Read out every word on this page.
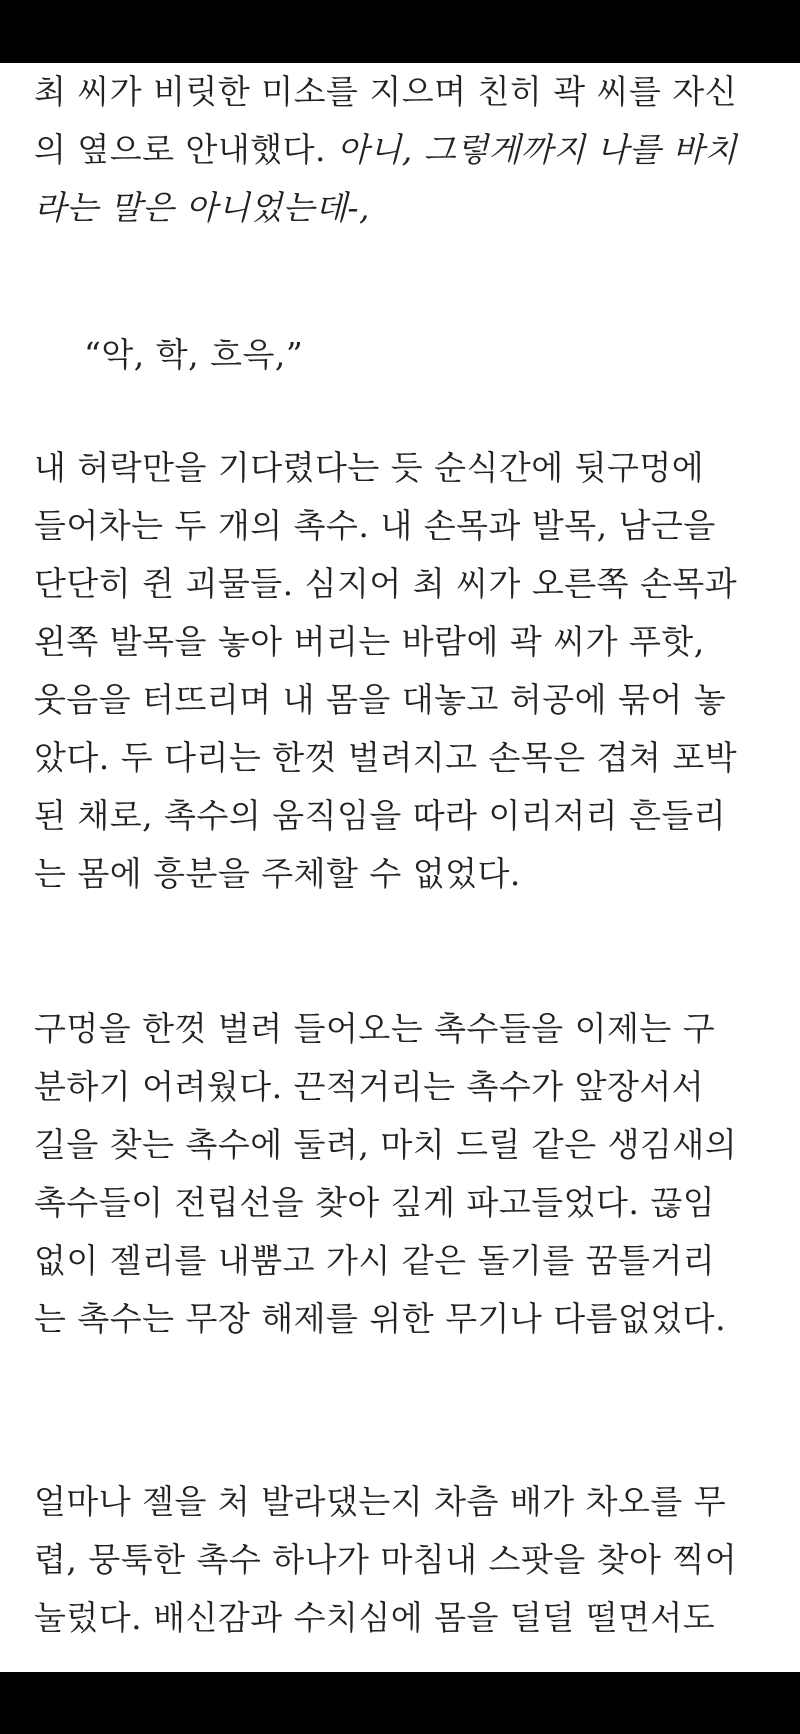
최 씨가 비릿한 미소를 지으며 친히 곽 씨를 자신
의 옆으로 안내했다. 아니, 그렇게까지 나를 바치
라는 말은 아니었는데-,

“악, 학, 흐윽,”

내 허락만을 기다렸다는 듯 순식간에 뒷구멍에
들어차는 두 개의 촉수. 내 손목과 발목, 남근을
단단히 쥔 괴물들. 심지어 최 씨가 오른쪽 손목과
왼쪽 발목을 놓아 버리는 바람에 곽 씨가 푸핫,
웃음을 터뜨리며 내 몸을 대놓고 허공에 묶어 놓
았다. 두 다리는 한껏 벌려지고 손목은 겹쳐 포박
된 채로, 촉수의 움직임을 따라 이리저리 흔들리
는 몸에 흥분을 주체할 수 없었다.

구멍을 한껏 벌려 들어오는 촉수들을 이제는 구
분하기 어려웠다. 끈적거리는 촉수가 앞장서서
길을 찾는 촉수에 둘려, 마치 드릴 같은 생김새의
촉수들이 전립선을 찾아 깊게 파고들었다. 끊임
없이 젤리를 내뿜고 가시 같은 돌기를 꿈틀거리
는 촉수는 무장 해제를 위한 무기나 다름없었다.

얼마나 젤을 처 발라댔는지 차츰 배가 차오를 무
렵, 뭉툭한 촉수 하나가 마침내 스팟을 찾아 찍어
눌렀다. 배신감과 수치심에 몸을 덜덜 떨면서도
